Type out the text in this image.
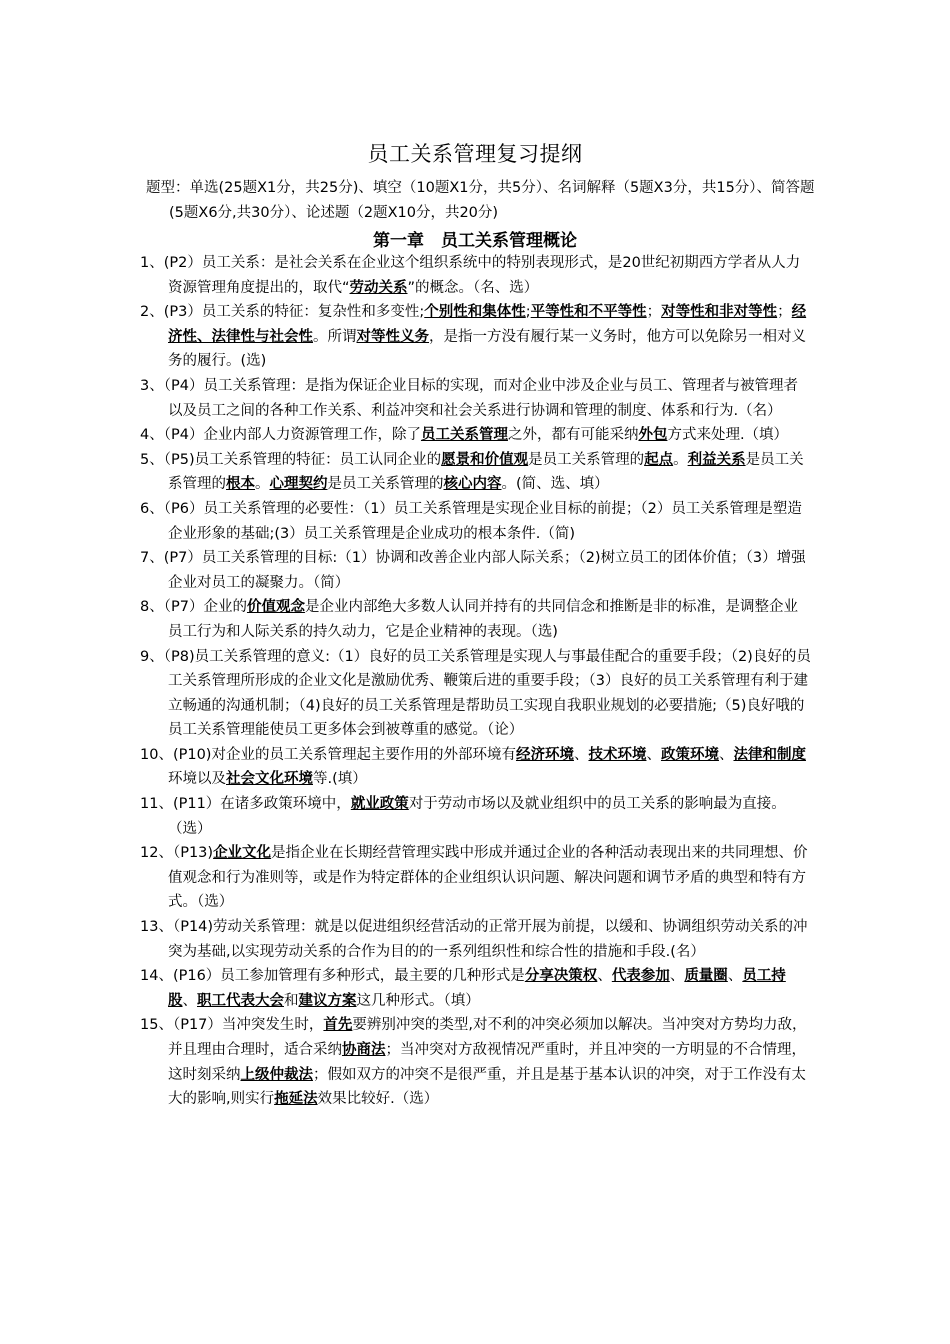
员工关系管理复习提纲
题型：单选(25题X1分，共25分)、填空（10题X1分，共5分）、名词解释（5题X3分，共15分）、简答题(5题X6分,共30分）、论述题（2题X10分，共20分)
第一章　员工关系管理概论
1、(P2）员工关系：是社会关系在企业这个组织系统中的特别表现形式，是20世纪初期西方学者从人力资源管理角度提出的，取代“劳动关系”的概念。（名、选）
2、(P3）员工关系的特征：复杂性和多变性;个别性和集体性;平等性和不平等性；对等性和非对等性；经济性、法律性与社会性。所谓对等性义务，是指一方没有履行某一义务时，他方可以免除另一相对义务的履行。(选)
3、（P4）员工关系管理：是指为保证企业目标的实现，而对企业中涉及企业与员工、管理者与被管理者以及员工之间的各种工作关系、利益冲突和社会关系进行协调和管理的制度、体系和行为.（名）
4、（P4）企业内部人力资源管理工作，除了员工关系管理之外，都有可能采纳外包方式来处理.（填）
5、（P5)员工关系管理的特征：员工认同企业的愿景和价值观是员工关系管理的起点。利益关系是员工关系管理的根本。心理契约是员工关系管理的核心内容。(简、选、填）
6、（P6）员工关系管理的必要性：（1）员工关系管理是实现企业目标的前提；（2）员工关系管理是塑造企业形象的基础;(3）员工关系管理是企业成功的根本条件.（简)
7、(P7）员工关系管理的目标:（1）协调和改善企业内部人际关系；（2)树立员工的团体价值；（3）增强企业对员工的凝聚力。（简）
8、（P7）企业的价值观念是企业内部绝大多数人认同并持有的共同信念和推断是非的标准，是调整企业员工行为和人际关系的持久动力，它是企业精神的表现。（选)
9、（P8)员工关系管理的意义:（1）良好的员工关系管理是实现人与事最佳配合的重要手段；（2)良好的员工关系管理所形成的企业文化是激励优秀、鞭策后进的重要手段；（3）良好的员工关系管理有利于建立畅通的沟通机制；（4)良好的员工关系管理是帮助员工实现自我职业规划的必要措施;（5)良好哦的员工关系管理能使员工更多体会到被尊重的感觉。（论）
10、(P10)对企业的员工关系管理起主要作用的外部环境有经济环境、技术环境、政策环境、法律和制度环境以及社会文化环境等.(填）
11、(P11）在诸多政策环境中，就业政策对于劳动市场以及就业组织中的员工关系的影响最为直接。（选）
12、（P13)企业文化是指企业在长期经营管理实践中形成并通过企业的各种活动表现出来的共同理想、价值观念和行为准则等，或是作为特定群体的企业组织认识问题、解决问题和调节矛盾的典型和特有方式。（选）
13、（P14)劳动关系管理：就是以促进组织经营活动的正常开展为前提，以缓和、协调组织劳动关系的冲突为基础,以实现劳动关系的合作为目的的一系列组织性和综合性的措施和手段.(名）
14、(P16）员工参加管理有多种形式，最主要的几种形式是分享决策权、代表参加、质量圈、员工持股、职工代表大会和建议方案这几种形式。（填）
15、（P17）当冲突发生时，首先要辨别冲突的类型,对不利的冲突必须加以解决。当冲突对方势均力敌，并且理由合理时，适合采纳协商法；当冲突对方敌视情况严重时，并且冲突的一方明显的不合情理，这时刻采纳上级仲裁法；假如双方的冲突不是很严重，并且是基于基本认识的冲突，对于工作没有太大的影响,则实行拖延法效果比较好.（选）
